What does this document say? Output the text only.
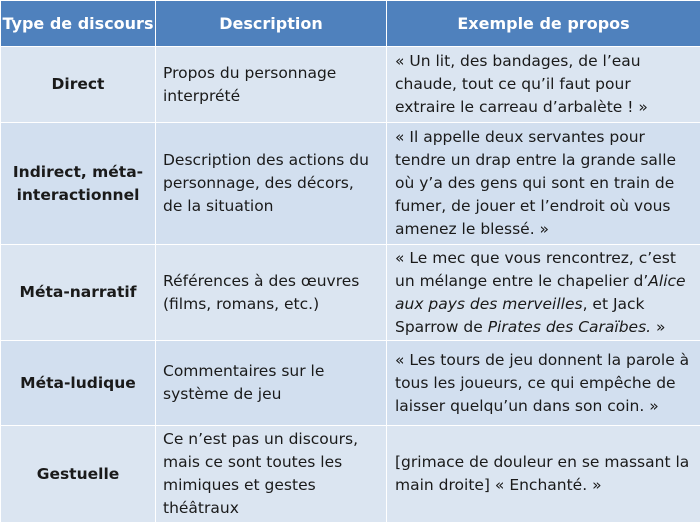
Type de discours	Description	Exemple de propos
Direct	Propos du personnage interprété	« Un lit, des bandages, de l’eau chaude, tout ce qu’il faut pour extraire le carreau d’arbalète ! »
Indirect, méta-interactionnel	Description des actions du personnage, des décors, de la situation	« Il appelle deux servantes pour tendre un drap entre la grande salle où y’a des gens qui sont en train de fumer, de jouer et l’endroit où vous amenez le blessé. »
Méta-narratif	Références à des œuvres (films, romans, etc.)	« Le mec que vous rencontrez, c’est un mélange entre le chapelier d’Alice aux pays des merveilles, et Jack Sparrow de Pirates des Caraïbes. »
Méta-ludique	Commentaires sur le système de jeu	« Les tours de jeu donnent la parole à tous les joueurs, ce qui empêche de laisser quelqu’un dans son coin. »
Gestuelle	Ce n’est pas un discours, mais ce sont toutes les mimiques et gestes théâtraux	[grimace de douleur en se massant la main droite] « Enchanté. »
